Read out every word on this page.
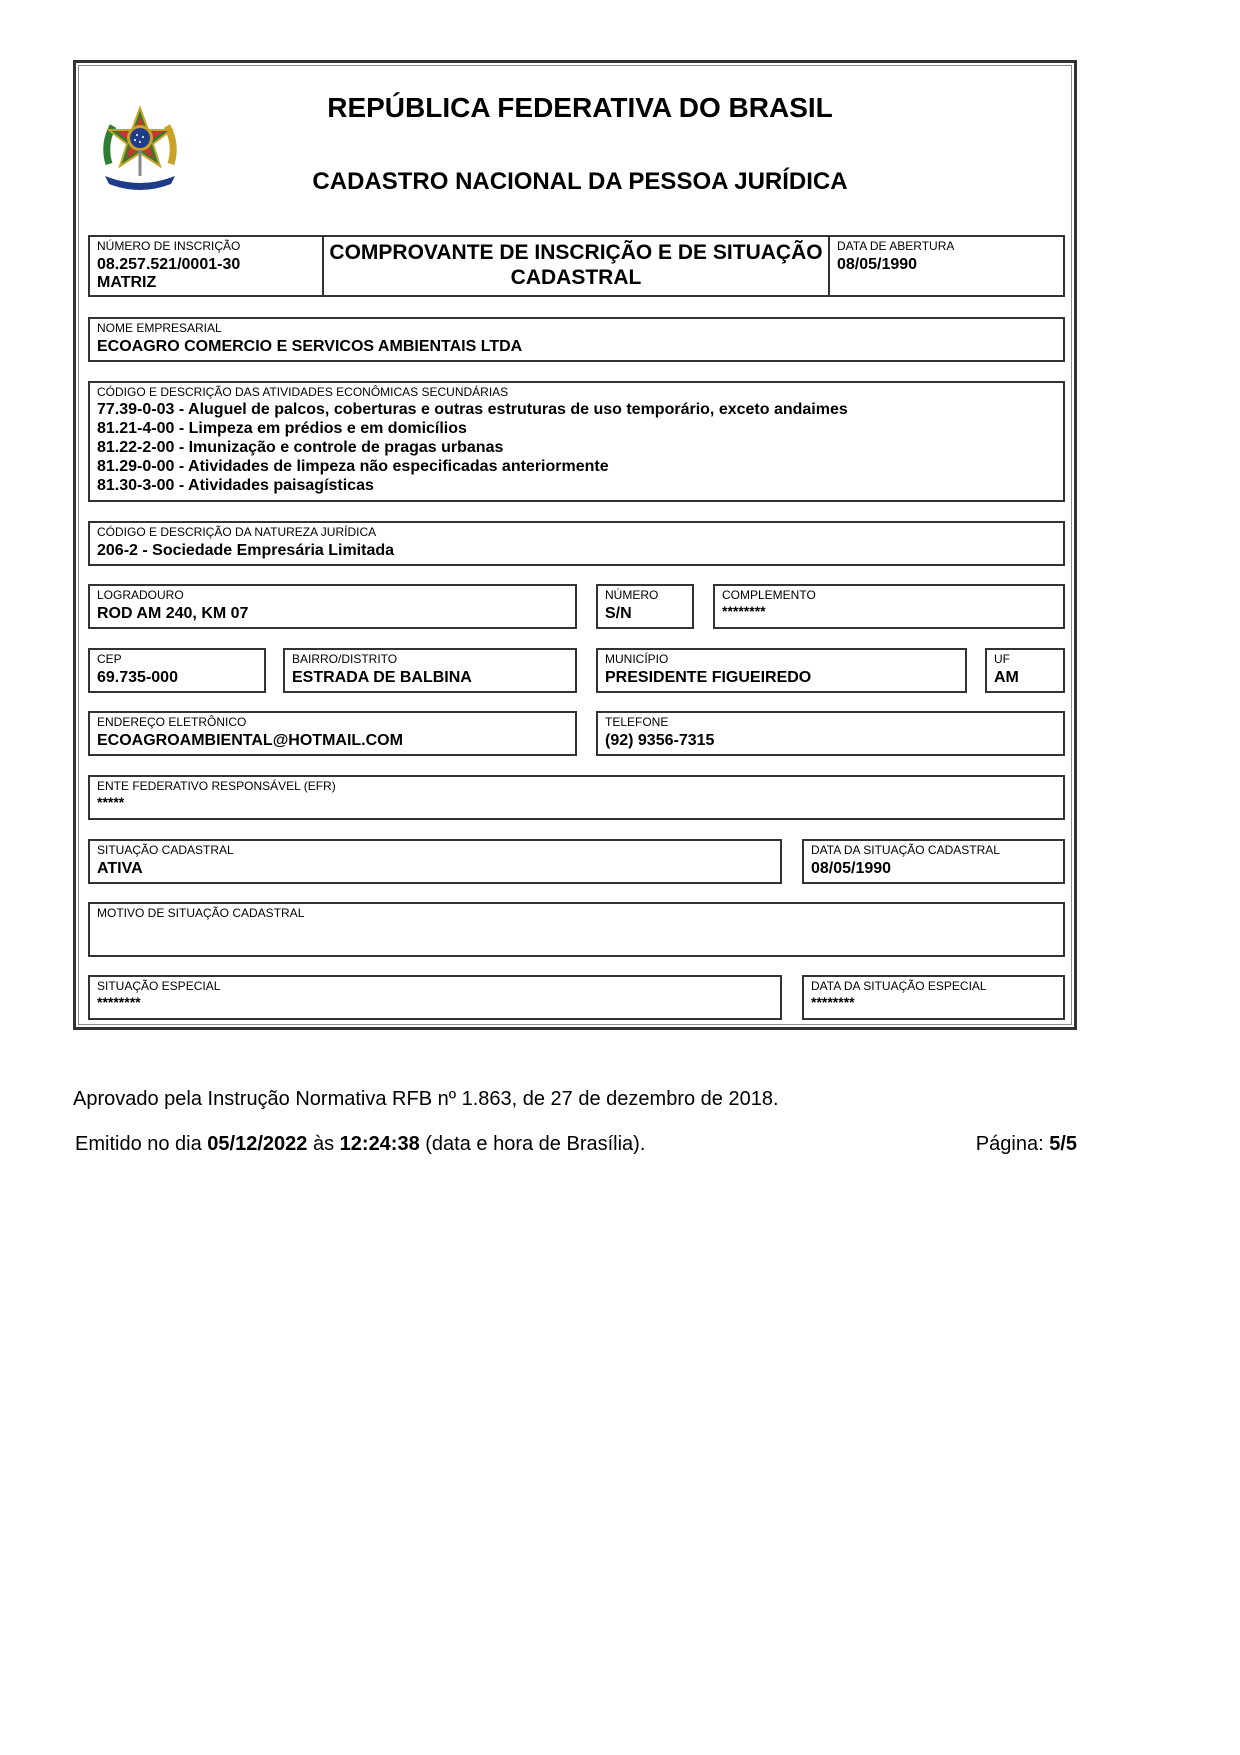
REPÚBLICA FEDERATIVA DO BRASIL
CADASTRO NACIONAL DA PESSOA JURÍDICA
NÚMERO DE INSCRIÇÃO
08.257.521/0001-30
MATRIZ
COMPROVANTE DE INSCRIÇÃO E DE SITUAÇÃO
CADASTRAL
DATA DE ABERTURA
08/05/1990
NOME EMPRESARIAL
ECOAGRO COMERCIO E SERVICOS AMBIENTAIS LTDA
CÓDIGO E DESCRIÇÃO DAS ATIVIDADES ECONÔMICAS SECUNDÁRIAS
77.39-0-03 - Aluguel de palcos, coberturas e outras estruturas de uso temporário, exceto andaimes
81.21-4-00 - Limpeza em prédios e em domicílios
81.22-2-00 - Imunização e controle de pragas urbanas
81.29-0-00 - Atividades de limpeza não especificadas anteriormente
81.30-3-00 - Atividades paisagísticas
CÓDIGO E DESCRIÇÃO DA NATUREZA JURÍDICA
206-2 - Sociedade Empresária Limitada
LOGRADOURO
ROD AM 240, KM 07
NÚMERO
S/N
COMPLEMENTO
********
CEP
69.735-000
BAIRRO/DISTRITO
ESTRADA DE BALBINA
MUNICÍPIO
PRESIDENTE FIGUEIREDO
UF
AM
ENDEREÇO ELETRÔNICO
ECOAGROAMBIENTAL@HOTMAIL.COM
TELEFONE
(92) 9356-7315
ENTE FEDERATIVO RESPONSÁVEL (EFR)
*****
SITUAÇÃO CADASTRAL
ATIVA
DATA DA SITUAÇÃO CADASTRAL
08/05/1990
MOTIVO DE SITUAÇÃO CADASTRAL
SITUAÇÃO ESPECIAL
********
DATA DA SITUAÇÃO ESPECIAL
********
Aprovado pela Instrução Normativa RFB nº 1.863, de 27 de dezembro de 2018.
Emitido no dia 05/12/2022 às 12:24:38 (data e hora de Brasília).	Página: 5/5
